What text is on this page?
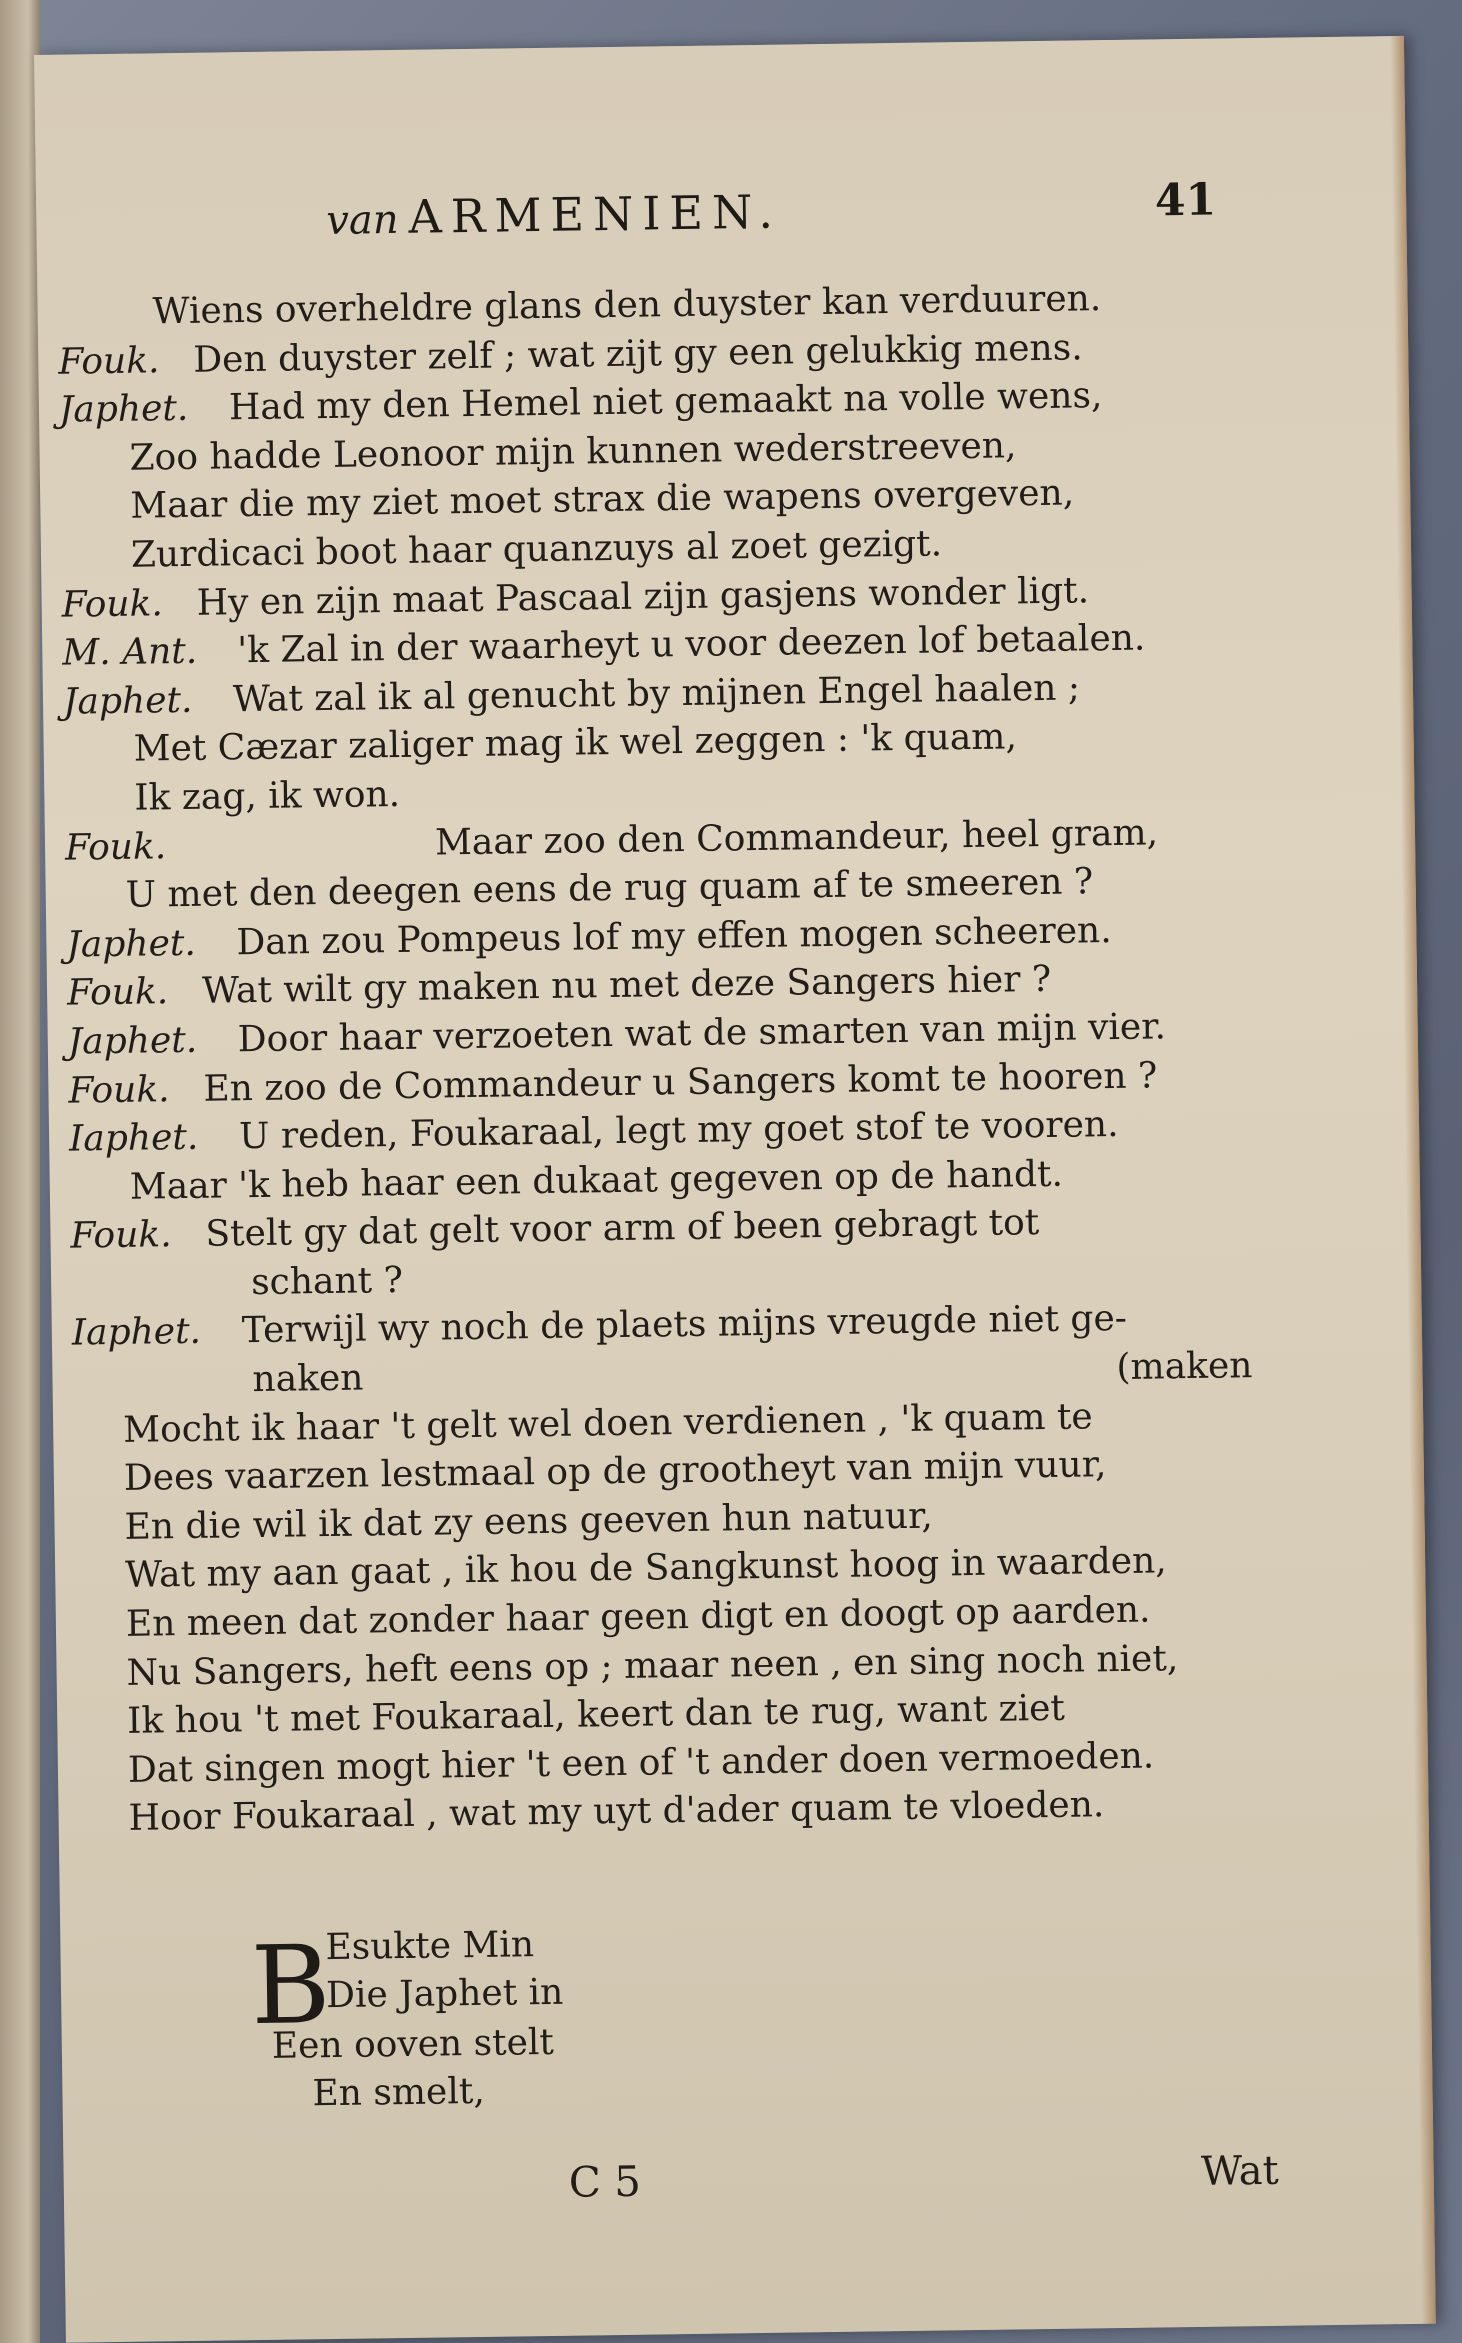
van ARMENIEN.	41
Wiens overheldre glans den duyster kan verduuren.
Fouk. Den duyster zelf ; wat zijt gy een gelukkig mens.
Japhet. Had my den Hemel niet gemaakt na volle wens,
Zoo hadde Leonoor mijn kunnen wederstreeven,
Maar die my ziet moet strax die wapens overgeven,
Zurdicaci boot haar quanzuys al zoet gezigt.
Fouk. Hy en zijn maat Pascaal zijn gasjens wonder ligt.
M. Ant. 'k Zal in der waarheyt u voor deezen lof betaalen.
Japhet. Wat zal ik al genucht by mijnen Engel haalen ;
Met Cæzar zaliger mag ik wel zeggen : 'k quam,
Ik zag, ik won.
Fouk.	Maar zoo den Commandeur, heel gram,
U met den deegen eens de rug quam af te smeeren ?
Japhet. Dan zou Pompeus lof my effen mogen scheeren.
Fouk. Wat wilt gy maken nu met deze Sangers hier ?
Japhet. Door haar verzoeten wat de smarten van mijn vier.
Fouk. En zoo de Commandeur u Sangers komt te hooren ?
Iaphet. U reden, Foukaraal, legt my goet stof te vooren.
Maar 'k heb haar een dukaat gegeven op de handt.
Fouk. Stelt gy dat gelt voor arm of been gebragt tot
schant ?
Iaphet. Terwijl wy noch de plaets mijns vreugde niet ge-
naken	(maken
Mocht ik haar 't gelt wel doen verdienen , 'k quam te
Dees vaarzen lestmaal op de grootheyt van mijn vuur,
En die wil ik dat zy eens geeven hun natuur,
Wat my aan gaat , ik hou de Sangkunst hoog in waarden,
En meen dat zonder haar geen digt en doogt op aarden.
Nu Sangers, heft eens op ; maar neen , en sing noch niet,
Ik hou 't met Foukaraal, keert dan te rug, want ziet
Dat singen mogt hier 't een of 't ander doen vermoeden.
Hoor Foukaraal , wat my uyt d'ader quam te vloeden.
B
Esukte Min
Die Japhet in
Een ooven stelt
En smelt,
C 5	Wat
